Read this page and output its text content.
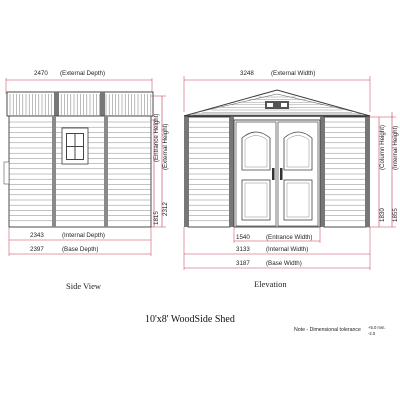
2470 (External Depth)
(External Height)
2312
(Entrance Height)
1815
2343	(Internal Depth)
2397	(Base Depth)
Side View
3248	(External Width)
(Column Height)
1830
(Internal Height)
1855
1540	(Entrance Width)
3133	(Internal Width)
3187	(Base Width)
Elevation
10'x8' WoodSide Shed
Note - Dimensional tolerance +5.0 mm.
-2.0
